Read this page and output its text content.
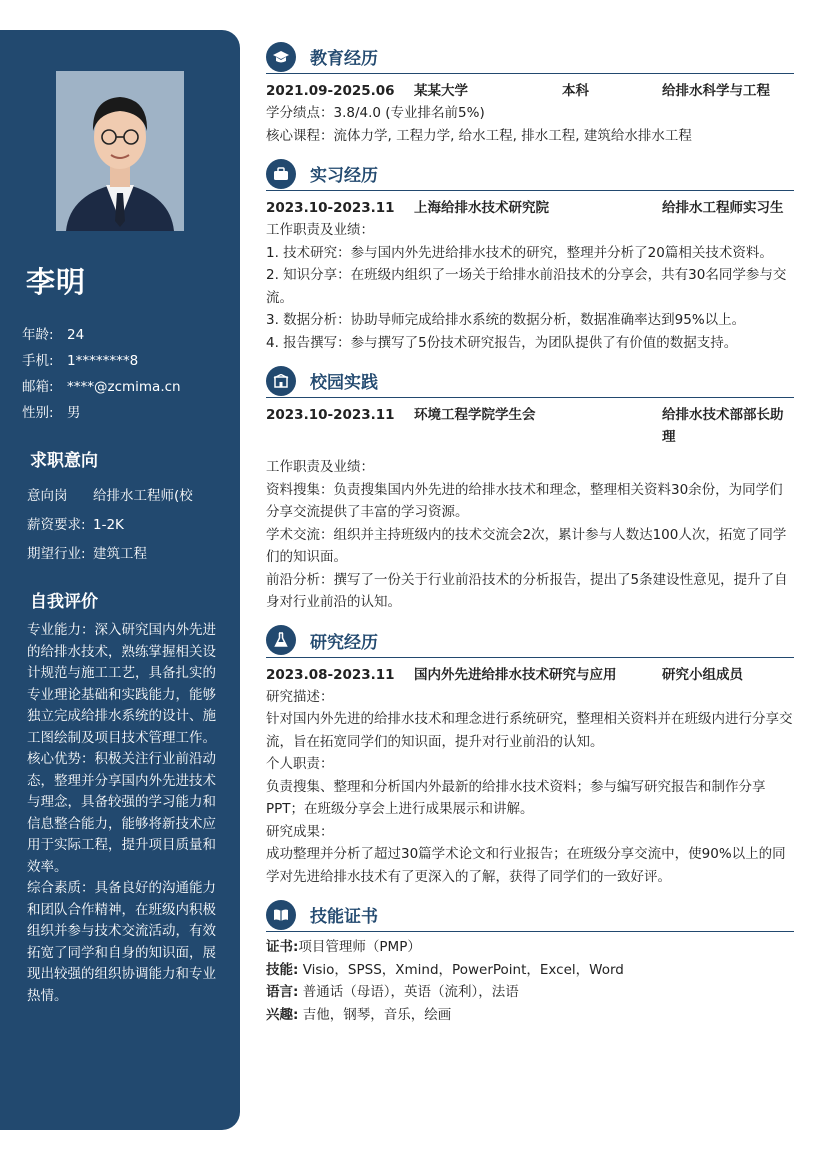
李明
年龄: 24
手机: 1********8
邮箱: ****@zcmima.cn
性别: 男
求职意向
意向岗	给排水工程师(校
薪资要求: 1-2K
期望行业: 建筑工程
自我评价

专业能力：深入研究国内外先进的给排水技术，熟练掌握相关设计规范与施工工艺，具备扎实的专业理论基础和实践能力，能够独立完成给排水系统的设计、施工图绘制及项目技术管理工作。

核心优势：积极关注行业前沿动态，整理并分享国内外先进技术与理念，具备较强的学习能力和信息整合能力，能够将新技术应用于实际工程，提升项目质量和效率。

综合素质：具备良好的沟通能力和团队合作精神，在班级内积极组织并参与技术交流活动，有效拓宽了同学和自身的知识面，展现出较强的组织协调能力和专业热情。

教育经历
2021.09-2025.06	某某大学	本科	给排水科学与工程

学分绩点：3.8/4.0 (专业排名前5%)

核心课程：流体力学, 工程力学, 给水工程, 排水工程, 建筑给水排水工程

实习经历
2023.10-2023.11	上海给排水技术研究院	给排水工程师实习生

工作职责及业绩：

1. 技术研究：参与国内外先进给排水技术的研究，整理并分析了20篇相关技术资料。

2. 知识分享：在班级内组织了一场关于给排水前沿技术的分享会，共有30名同学参与交流。

3. 数据分析：协助导师完成给排水系统的数据分析，数据准确率达到95%以上。

4. 报告撰写：参与撰写了5份技术研究报告，为团队提供了有价值的数据支持。

校园实践
2023.10-2023.11	环境工程学院学生会	给排水技术部部长助理

工作职责及业绩：

资料搜集：负责搜集国内外先进的给排水技术和理念，整理相关资料30余份，为同学们分享交流提供了丰富的学习资源。

学术交流：组织并主持班级内的技术交流会2次，累计参与人数达100人次，拓宽了同学们的知识面。

前沿分析：撰写了一份关于行业前沿技术的分析报告，提出了5条建设性意见，提升了自身对行业前沿的认知。

研究经历
2023.08-2023.11	国内外先进给排水技术研究与应用	研究小组成员

研究描述：

针对国内外先进的给排水技术和理念进行系统研究，整理相关资料并在班级内进行分享交流，旨在拓宽同学们的知识面，提升对行业前沿的认知。

个人职责：

负责搜集、整理和分析国内外最新的给排水技术资料；参与编写研究报告和制作分享PPT；在班级分享会上进行成果展示和讲解。

研究成果：

成功整理并分析了超过30篇学术论文和行业报告；在班级分享交流中，使90%以上的同学对先进给排水技术有了更深入的了解，获得了同学们的一致好评。

技能证书

证书:项目管理师（PMP）

技能: Visio，SPSS，Xmind，PowerPoint，Excel，Word

语言: 普通话（母语），英语（流利），法语

兴趣: 吉他，钢琴，音乐，绘画
